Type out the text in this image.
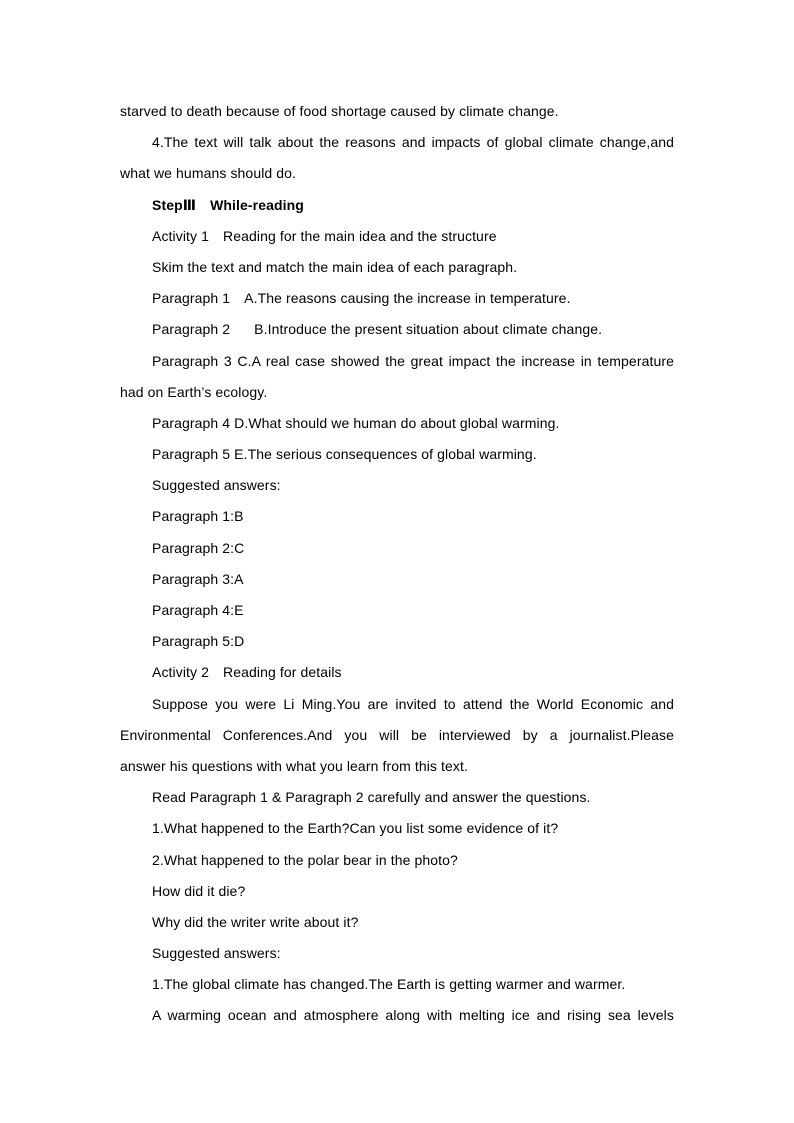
starved to death because of food shortage caused by climate change.
4.The text will talk about the reasons and impacts of global climate change,and
what we humans should do.
StepⅢ While-reading
Activity 1 Reading for the main idea and the structure
Skim the text and match the main idea of each paragraph.
Paragraph 1 A.The reasons causing the increase in temperature.
Paragraph 2 B.Introduce the present situation about climate change.
Paragraph 3 C.A real case showed the great impact the increase in temperature
had on Earth’s ecology.
Paragraph 4 D.What should we human do about global warming.
Paragraph 5 E.The serious consequences of global warming.
Suggested answers:
Paragraph 1:B
Paragraph 2:C
Paragraph 3:A
Paragraph 4:E
Paragraph 5:D
Activity 2 Reading for details
Suppose you were Li Ming.You are invited to attend the World Economic and
Environmental Conferences.And you will be interviewed by a journalist.Please
answer his questions with what you learn from this text.
Read Paragraph 1 & Paragraph 2 carefully and answer the questions.
1.What happened to the Earth?Can you list some evidence of it?
2.What happened to the polar bear in the photo?
How did it die?
Why did the writer write about it?
Suggested answers:
1.The global climate has changed.The Earth is getting warmer and warmer.
A warming ocean and atmosphere along with melting ice and rising sea levels
